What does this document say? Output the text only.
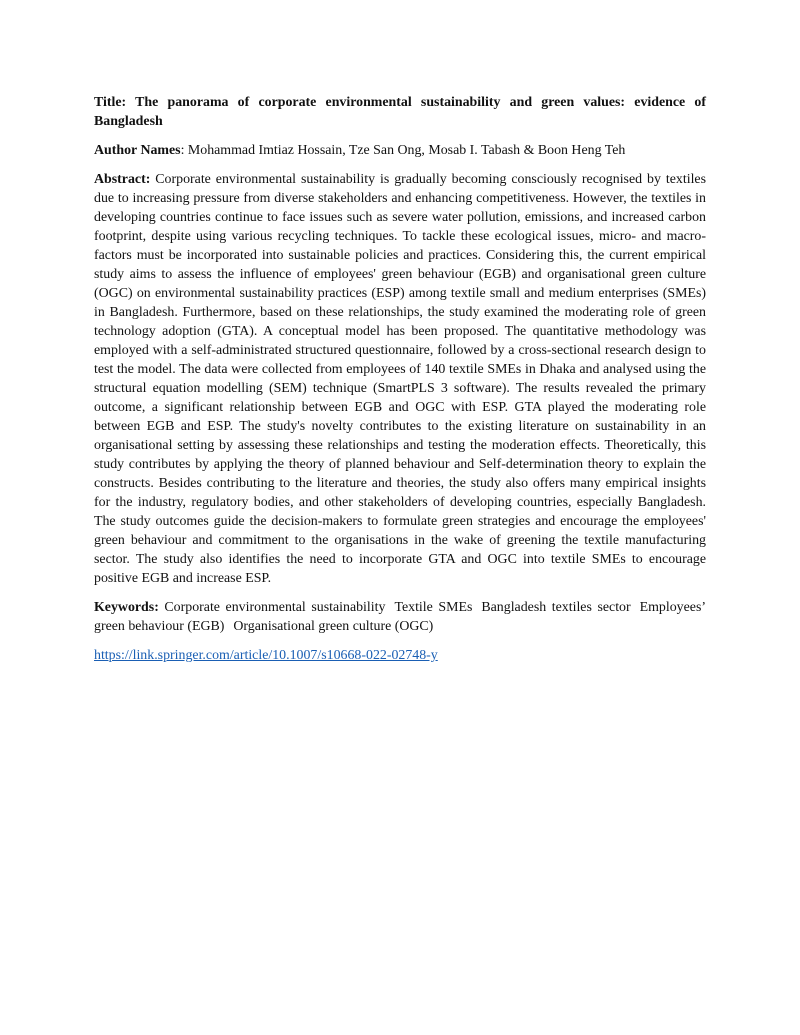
Title: The panorama of corporate environmental sustainability and green values: evidence of Bangladesh

Author Names: Mohammad Imtiaz Hossain, Tze San Ong, Mosab I. Tabash & Boon Heng Teh

Abstract: Corporate environmental sustainability is gradually becoming consciously recognised by textiles due to increasing pressure from diverse stakeholders and enhancing competitiveness. However, the textiles in developing countries continue to face issues such as severe water pollution, emissions, and increased carbon footprint, despite using various recycling techniques. To tackle these ecological issues, micro- and macro-factors must be incorporated into sustainable policies and practices. Considering this, the current empirical study aims to assess the influence of employees' green behaviour (EGB) and organisational green culture (OGC) on environmental sustainability practices (ESP) among textile small and medium enterprises (SMEs) in Bangladesh. Furthermore, based on these relationships, the study examined the moderating role of green technology adoption (GTA). A conceptual model has been proposed. The quantitative methodology was employed with a self-administrated structured questionnaire, followed by a cross-sectional research design to test the model. The data were collected from employees of 140 textile SMEs in Dhaka and analysed using the structural equation modelling (SEM) technique (SmartPLS 3 software). The results revealed the primary outcome, a significant relationship between EGB and OGC with ESP. GTA played the moderating role between EGB and ESP. The study's novelty contributes to the existing literature on sustainability in an organisational setting by assessing these relationships and testing the moderation effects. Theoretically, this study contributes by applying the theory of planned behaviour and Self-determination theory to explain the constructs. Besides contributing to the literature and theories, the study also offers many empirical insights for the industry, regulatory bodies, and other stakeholders of developing countries, especially Bangladesh. The study outcomes guide the decision-makers to formulate green strategies and encourage the employees' green behaviour and commitment to the organisations in the wake of greening the textile manufacturing sector. The study also identifies the need to incorporate GTA and OGC into textile SMEs to encourage positive EGB and increase ESP.

Keywords: Corporate environmental sustainability Textile SMEs Bangladesh textiles sector Employees’ green behaviour (EGB) Organisational green culture (OGC)

https://link.springer.com/article/10.1007/s10668-022-02748-y
